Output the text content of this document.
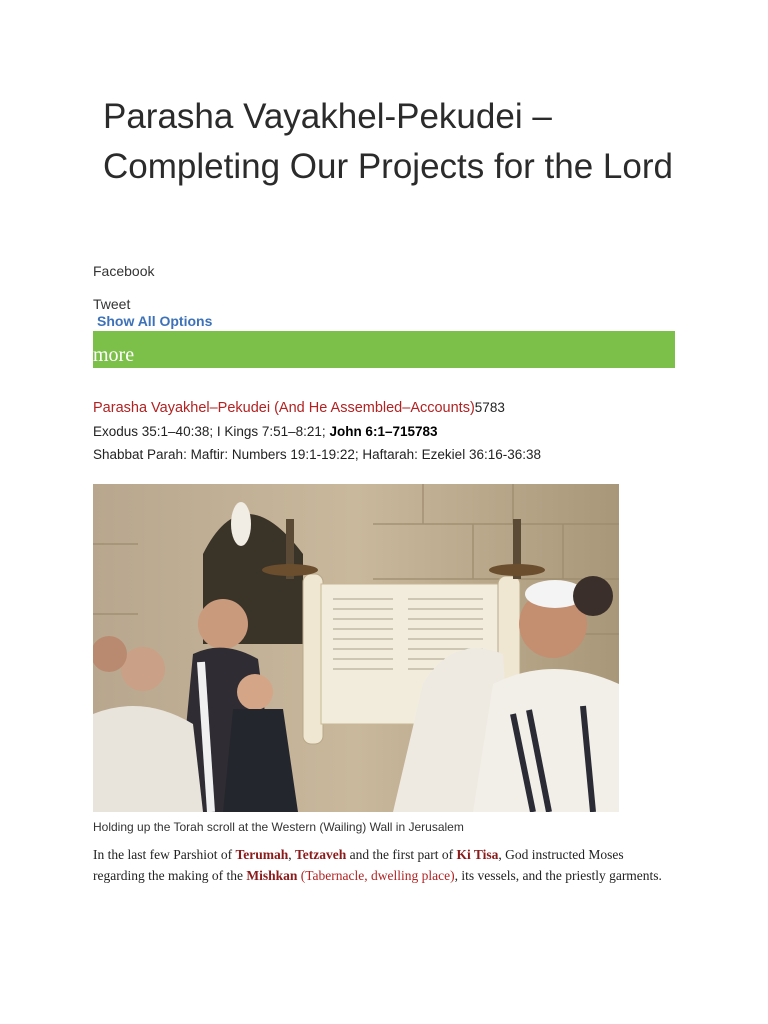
Parasha Vayakhel-Pekudei – Completing Our Projects for the Lord
Facebook
Tweet
Show All Options
more
Parasha Vayakhel–Pekudei (And He Assembled–Accounts)5783
Exodus 35:1–40:38; I Kings 7:51–8:21; John 6:1–715783
Shabbat Parah: Maftir: Numbers 19:1-19:22; Haftarah: Ezekiel 36:16-36:38
Holding up the Torah scroll at the Western (Wailing) Wall in Jerusalem

In the last few Parshiot of Terumah, Tetzaveh and the first part of Ki Tisa, God instructed Moses regarding the making of the Mishkan (Tabernacle, dwelling place), its vessels, and the priestly garments.
